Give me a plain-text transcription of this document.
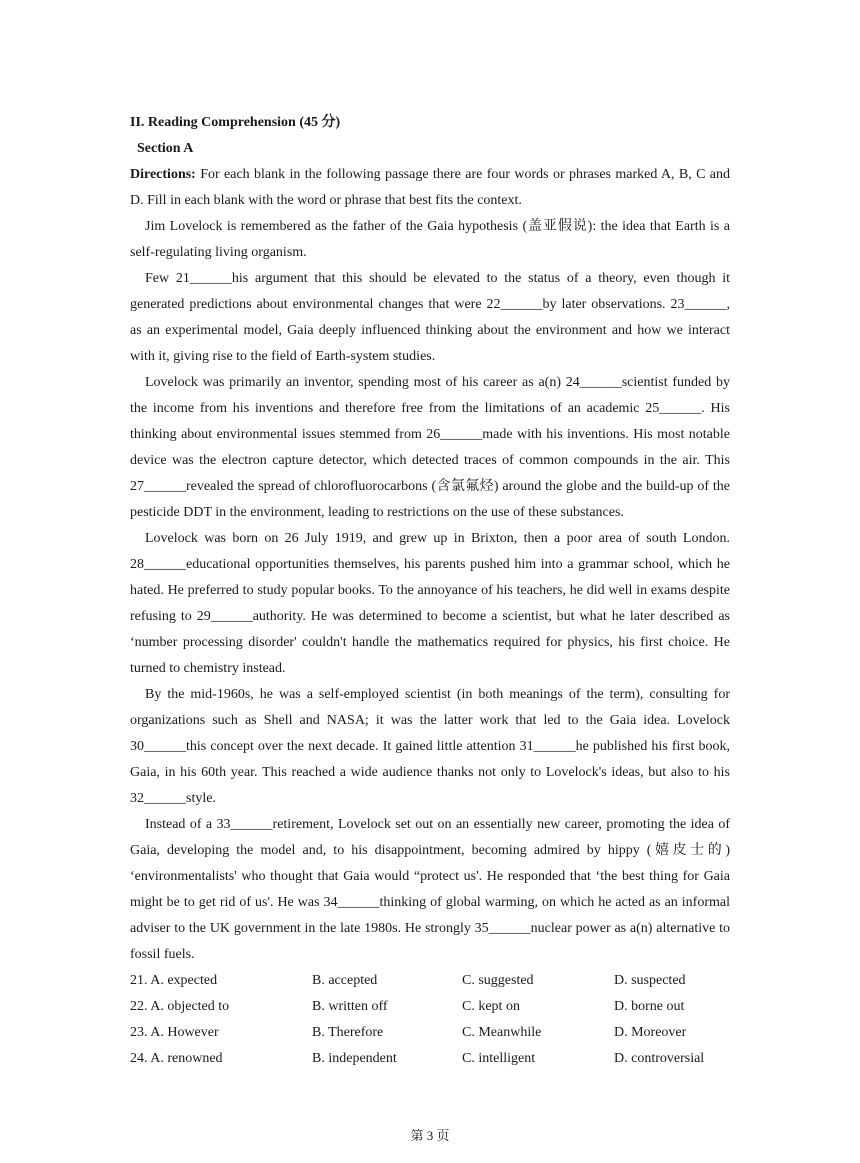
II. Reading Comprehension (45 分)

Section A

Directions: For each blank in the following passage there are four words or phrases marked A, B, C and D. Fill in each blank with the word or phrase that best fits the context.

Jim Lovelock is remembered as the father of the Gaia hypothesis (盖亚假说): the idea that Earth is a self-regulating living organism.

Few 21______his argument that this should be elevated to the status of a theory, even though it generated predictions about environmental changes that were 22______by later observations. 23______, as an experimental model, Gaia deeply influenced thinking about the environment and how we interact with it, giving rise to the field of Earth-system studies.

Lovelock was primarily an inventor, spending most of his career as a(n) 24______scientist funded by the income from his inventions and therefore free from the limitations of an academic 25______. His thinking about environmental issues stemmed from 26______made with his inventions. His most notable device was the electron capture detector, which detected traces of common compounds in the air. This 27______revealed the spread of chlorofluorocarbons (含氯氟烃) around the globe and the build-up of the pesticide DDT in the environment, leading to restrictions on the use of these substances.

Lovelock was born on 26 July 1919, and grew up in Brixton, then a poor area of south London. 28______educational opportunities themselves, his parents pushed him into a grammar school, which he hated. He preferred to study popular books. To the annoyance of his teachers, he did well in exams despite refusing to 29______authority. He was determined to become a scientist, but what he later described as ‘number processing disorder' couldn't handle the mathematics required for physics, his first choice. He turned to chemistry instead.

By the mid-1960s, he was a self-employed scientist (in both meanings of the term), consulting for organizations such as Shell and NASA; it was the latter work that led to the Gaia idea. Lovelock 30______this concept over the next decade. It gained little attention 31______he published his first book, Gaia, in his 60th year. This reached a wide audience thanks not only to Lovelock's ideas, but also to his 32______style.

Instead of a 33______retirement, Lovelock set out on an essentially new career, promoting the idea of Gaia, developing the model and, to his disappointment, becoming admired by hippy (嬉皮士的) ‘environmentalists' who thought that Gaia would “protect us'. He responded that ‘the best thing for Gaia might be to get rid of us'. He was 34______thinking of global warming, on which he acted as an informal adviser to the UK government in the late 1980s. He strongly 35______nuclear power as a(n) alternative to fossil fuels.

21. A. expected	B. accepted	C. suggested	D. suspected
22. A. objected to	B. written off	C. kept on	D. borne out
23. A. However	B. Therefore	C. Meanwhile	D. Moreover
24. A. renowned	B. independent	C. intelligent	D. controversial
第 3 页
